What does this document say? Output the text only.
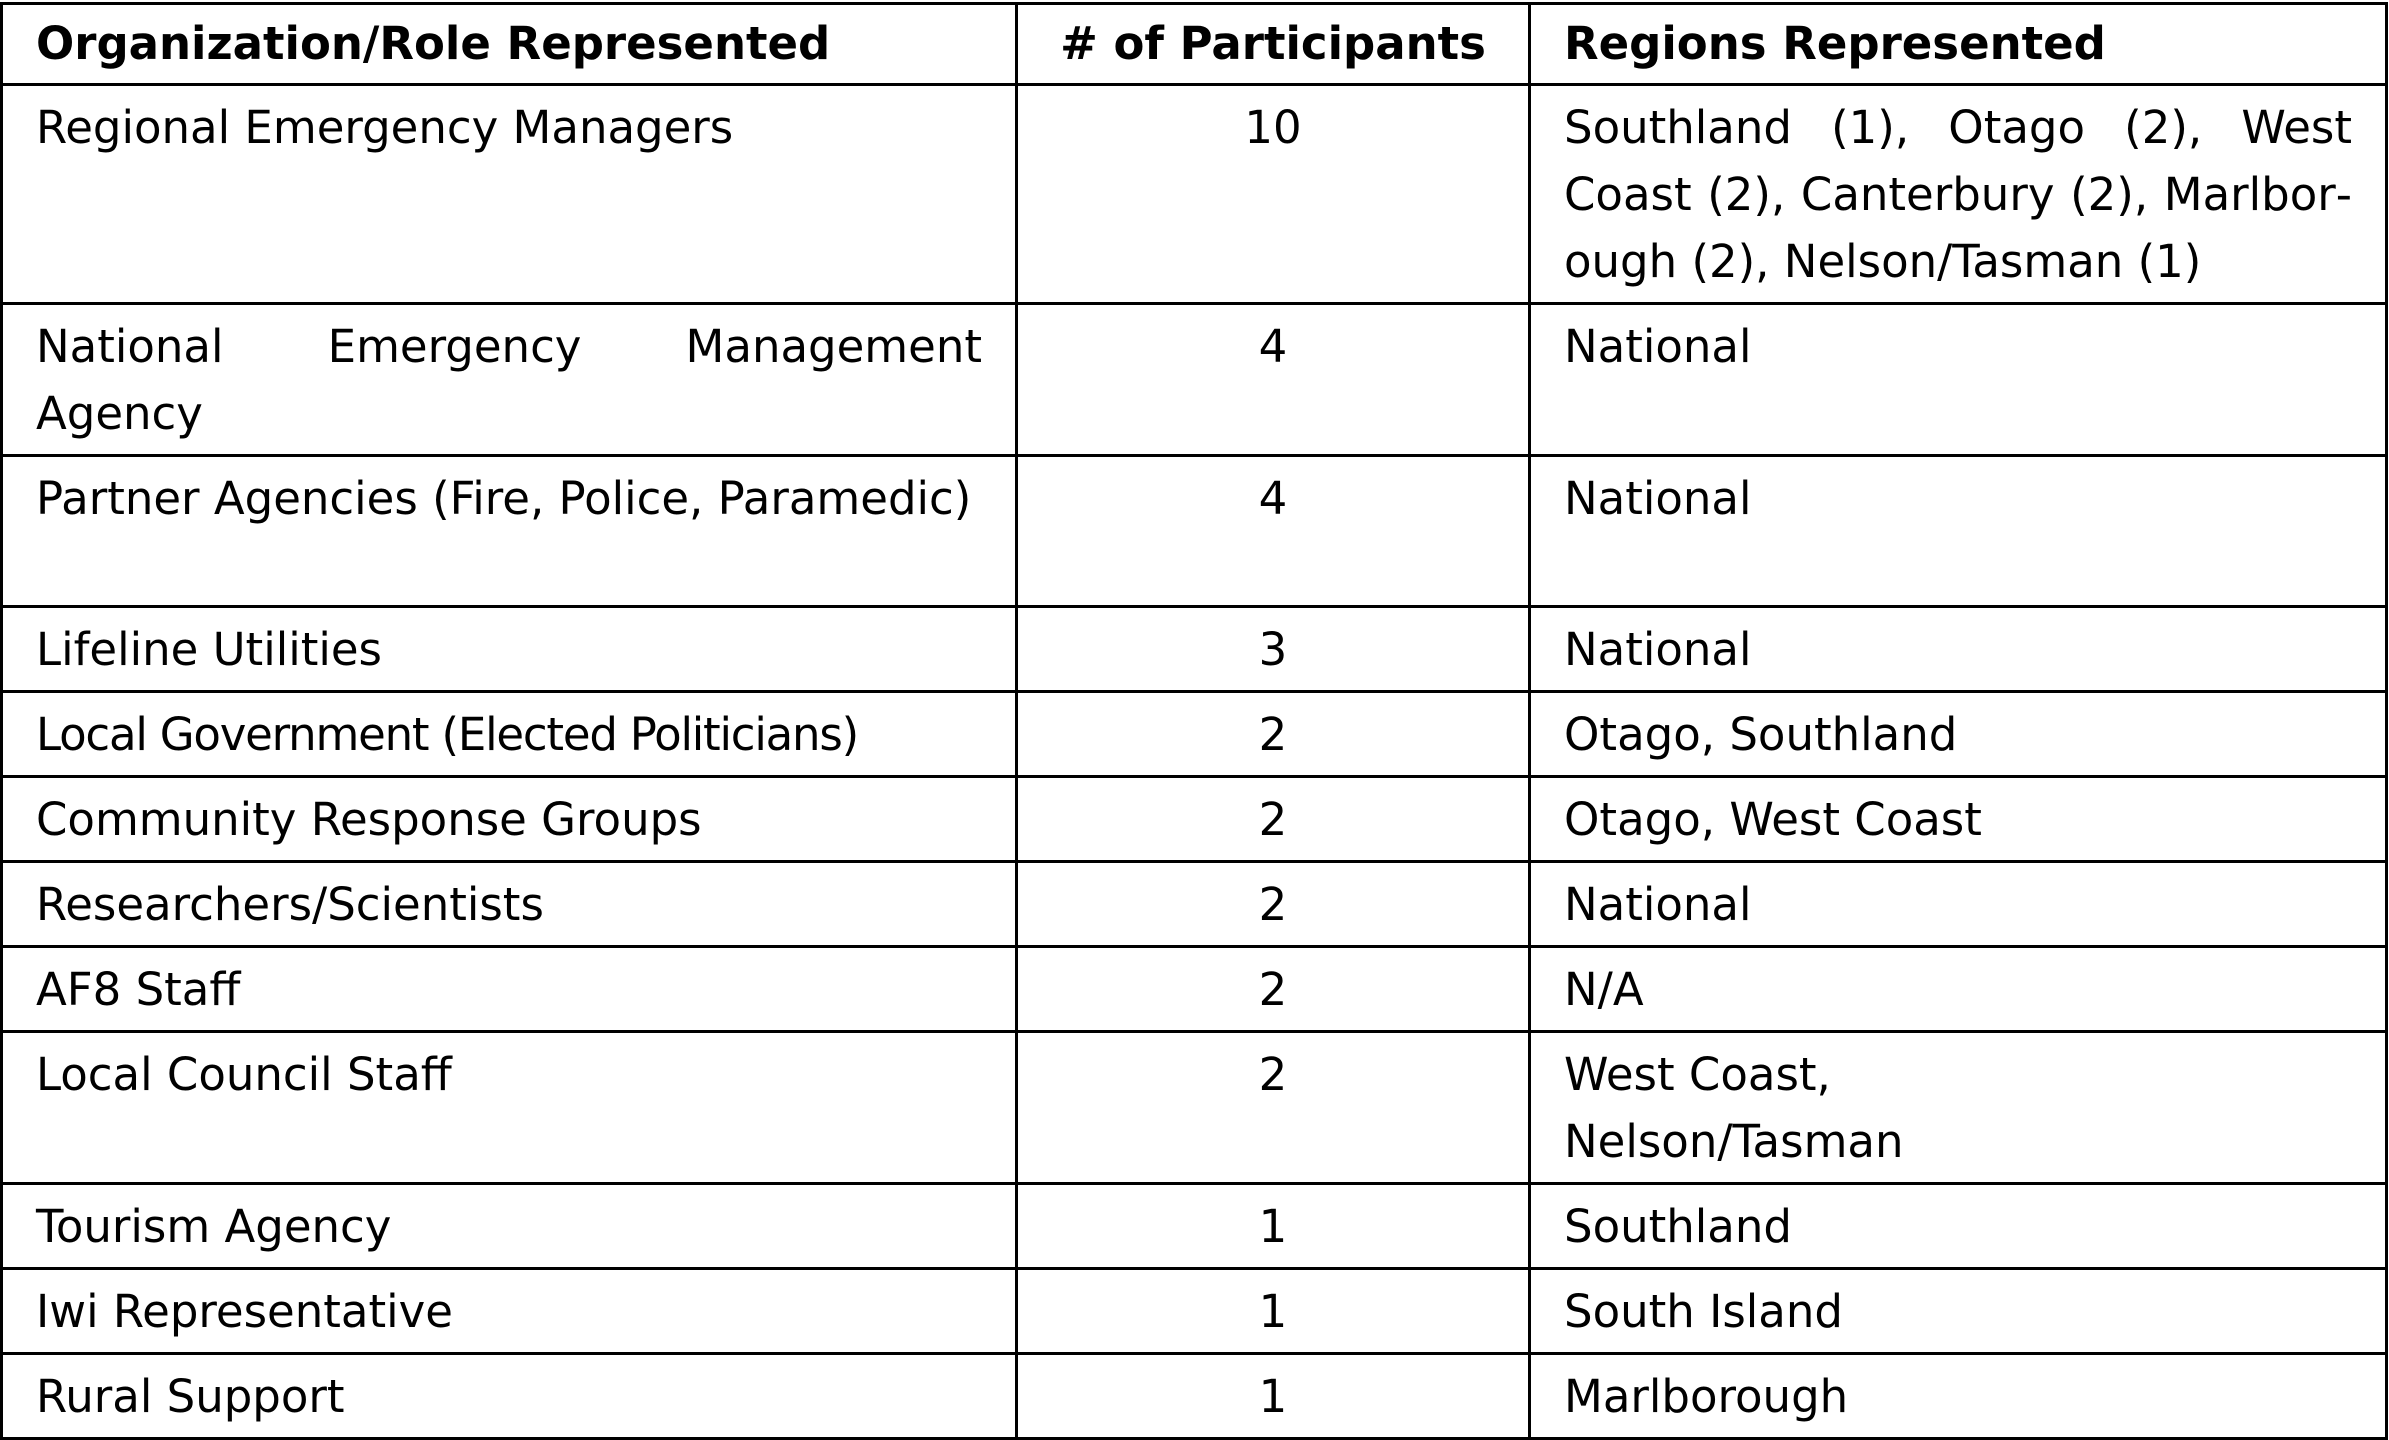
Organization/Role Represented	# of Participants	Regions Represented
Regional Emergency Managers	10	Southland (1), Otago (2), West Coast (2), Canterbury (2), Marlborough (2), Nelson/Tasman (1)
National Emergency Management Agency	4	National
Partner Agencies (Fire, Police, Paramedic)	4	National
Lifeline Utilities	3	National
Local Government (Elected Politicians)	2	Otago, Southland
Community Response Groups	2	Otago, West Coast
Researchers/Scientists	2	National
AF8 Staff	2	N/A
Local Council Staff	2	West Coast,
Nelson/Tasman
Tourism Agency	1	Southland
Iwi Representative	1	South Island
Rural Support	1	Marlborough
